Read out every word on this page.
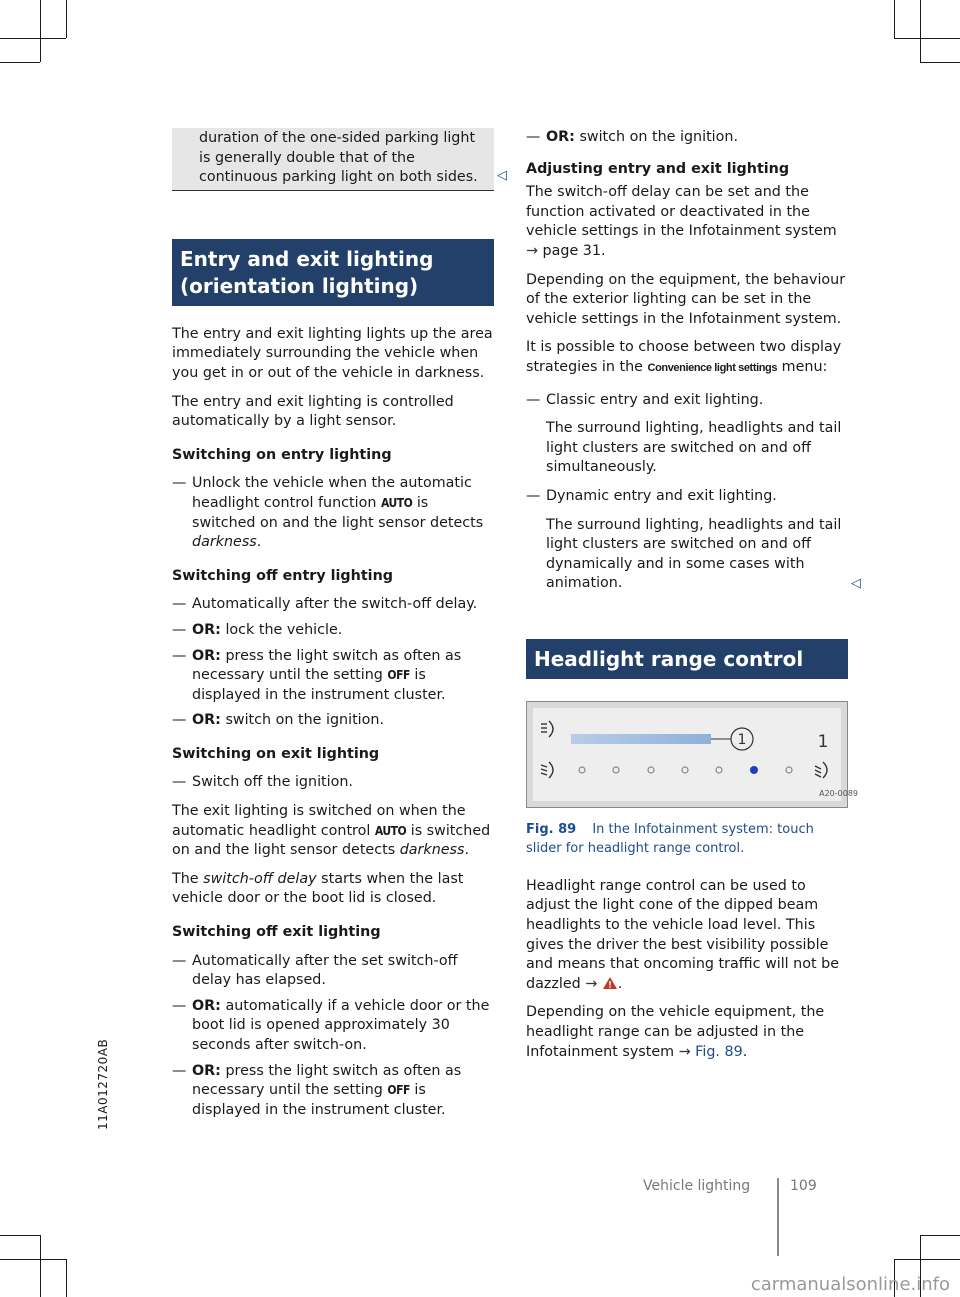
duration of the one-sided parking light is generally double that of the continuous parking light on both sides.

Entry and exit lighting (orientation lighting)

The entry and exit lighting lights up the area immediately surrounding the vehicle when you get in or out of the vehicle in darkness.

The entry and exit lighting is controlled automatically by a light sensor.

Switching on entry lighting

— Unlock the vehicle when the automatic headlight control function AUTO is switched on and the light sensor detects darkness.

Switching off entry lighting

— Automatically after the switch-off delay.
— OR: lock the vehicle.
— OR: press the light switch as often as necessary until the setting OFF is displayed in the instrument cluster.
— OR: switch on the ignition.

Switching on exit lighting

— Switch off the ignition.

The exit lighting is switched on when the automatic headlight control AUTO is switched on and the light sensor detects darkness.

The switch-off delay starts when the last vehicle door or the boot lid is closed.

Switching off exit lighting

— Automatically after the set switch-off delay has elapsed.
— OR: automatically if a vehicle door or the boot lid is opened approximately 30 seconds after switch-on.
— OR: press the light switch as often as necessary until the setting OFF is displayed in the instrument cluster.
◁
— OR: switch on the ignition.

Adjusting entry and exit lighting

The switch-off delay can be set and the function activated or deactivated in the vehicle settings in the Infotainment system → page 31.

Depending on the equipment, the behaviour of the exterior lighting can be set in the vehicle settings in the Infotainment system.

It is possible to choose between two display strategies in the Convenience light settings menu:

— Classic entry and exit lighting.

The surround lighting, headlights and tail light clusters are switched on and off simultaneously.

— Dynamic entry and exit lighting.

The surround lighting, headlights and tail light clusters are switched on and off dynamically and in some cases with animation.

Headlight range control
1	1
A20-0089

Fig. 89 In the Infotainment system: touch slider for headlight range control.

Headlight range control can be used to adjust the light cone of the dipped beam headlights to the vehicle load level. This gives the driver the best visibility possible and means that oncoming traffic will not be dazzled → .

Depending on the vehicle equipment, the headlight range can be adjusted in the Infotainment system → Fig. 89.

◁
11A012720AB
Vehicle lighting	109
carmanualsonline.info
